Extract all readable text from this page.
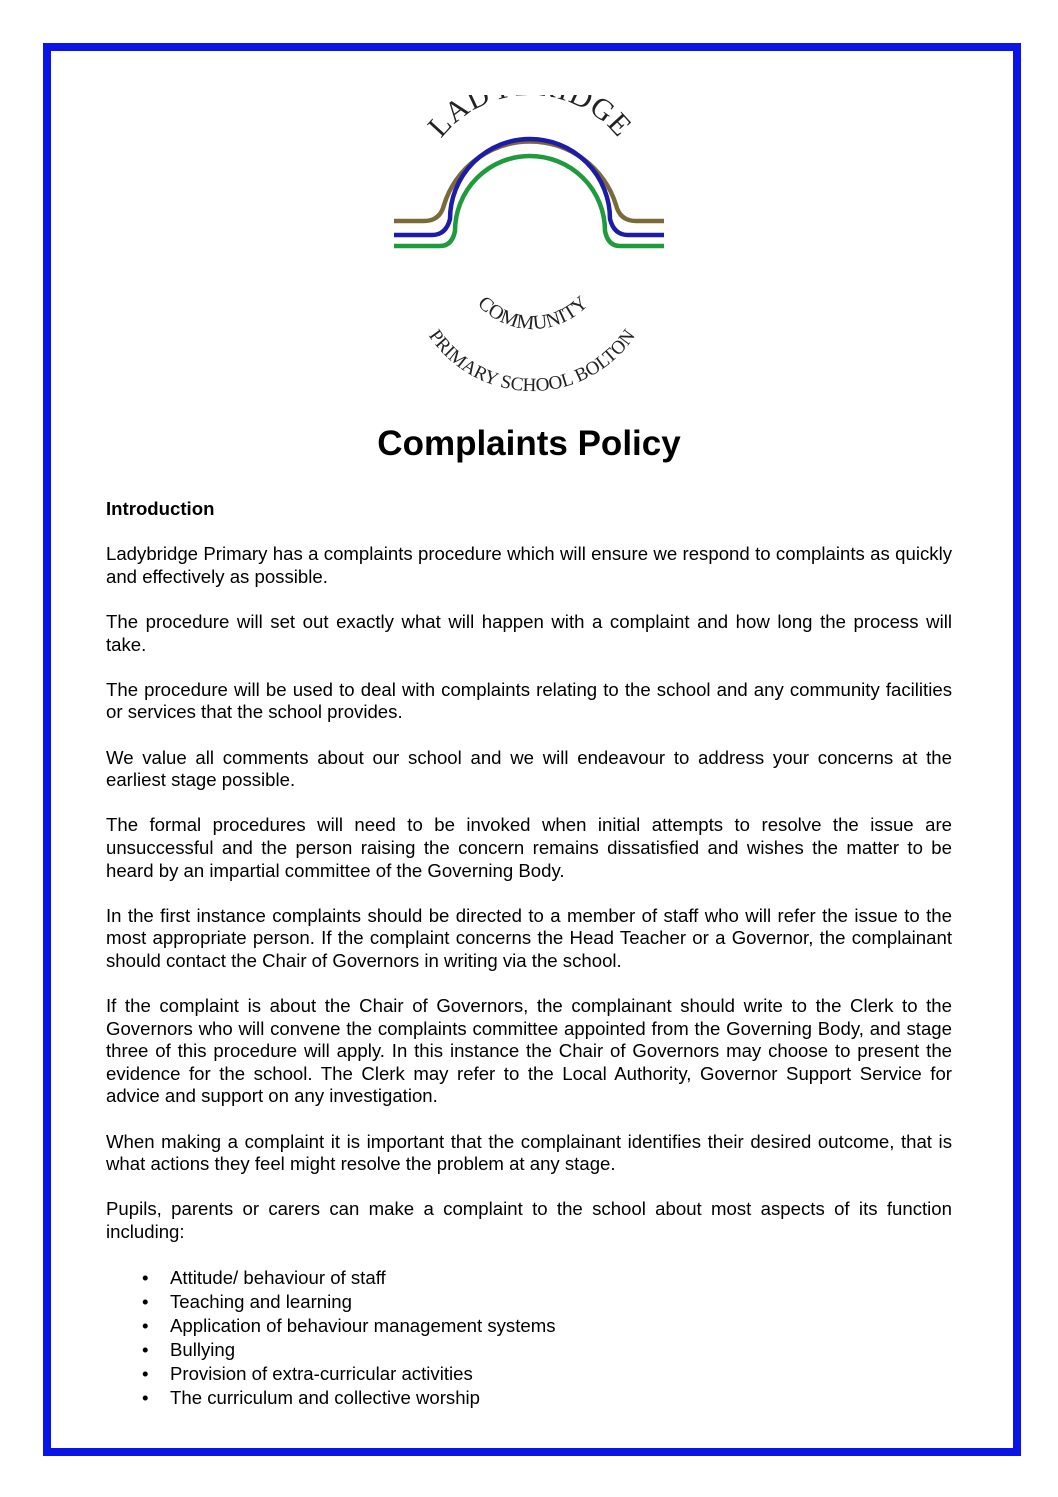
LAD DGE
COMMUNITY
PRIMARY SCHOOL BOLTON
Complaints Policy

Introduction

Ladybridge Primary has a complaints procedure which will ensure we respond to complaints as quickly and effectively as possible.

The procedure will set out exactly what will happen with a complaint and how long the process will take.

The procedure will be used to deal with complaints relating to the school and any community facilities or services that the school provides.

We value all comments about our school and we will endeavour to address your concerns at the earliest stage possible.

The formal procedures will need to be invoked when initial attempts to resolve the issue are unsuccessful and the person raising the concern remains dissatisfied and wishes the matter to be heard by an impartial committee of the Governing Body.

In the first instance complaints should be directed to a member of staff who will refer the issue to the most appropriate person. If the complaint concerns the Head Teacher or a Governor, the complainant should contact the Chair of Governors in writing via the school.

If the complaint is about the Chair of Governors, the complainant should write to the Clerk to the Governors who will convene the complaints committee appointed from the Governing Body, and stage three of this procedure will apply. In this instance the Chair of Governors may choose to present the evidence for the school. The Clerk may refer to the Local Authority, Governor Support Service for advice and support on any investigation.

When making a complaint it is important that the complainant identifies their desired outcome, that is what actions they feel might resolve the problem at any stage.

Pupils, parents or carers can make a complaint to the school about most aspects of its function including:

• Attitude/ behaviour of staff
• Teaching and learning
• Application of behaviour management systems
• Bullying
• Provision of extra-curricular activities
• The curriculum and collective worship
